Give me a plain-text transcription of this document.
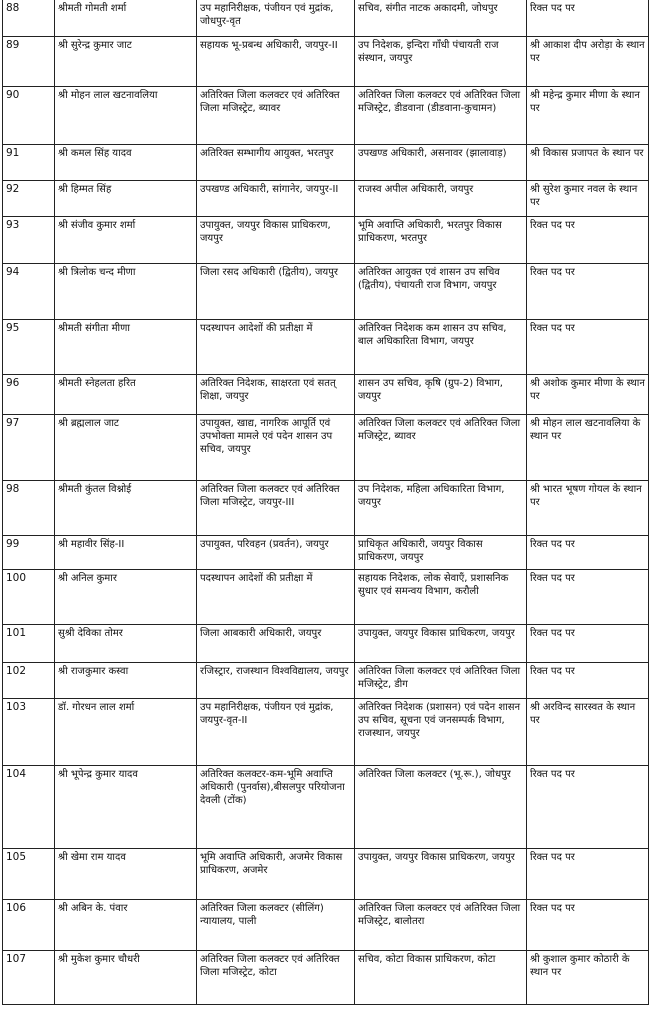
88	श्रीमती गोमती शर्मा	उप महानिरीक्षक, पंजीयन एवं मुद्रांक, जोधपुर-वृत	सचिव, संगीत नाटक अकादमी, जोधपुर	रिक्त पद पर
89	श्री सुरेन्द्र कुमार जाट	सहायक भू-प्रबन्ध अधिकारी, जयपुर-II	उप निदेशक, इन्दिरा गाँधी पंचायती राज संस्थान, जयपुर	श्री आकाश दीप अरोड़ा के स्थान पर
90	श्री मोहन लाल खटनावलिया	अतिरिक्त जिला कलक्टर एवं अतिरिक्त जिला मजिस्ट्रेट, ब्यावर	अतिरिक्त जिला कलक्टर एवं अतिरिक्त जिला मजिस्ट्रेट, डीडवाना (डीडवाना-कुचामन)	श्री महेन्द्र कुमार मीणा के स्थान पर
91	श्री कमल सिंह यादव	अतिरिक्त सम्भागीय आयुक्त, भरतपुर	उपखण्ड अधिकारी, असनावर (झालावाड़)	श्री विकास प्रजापत के स्थान पर
92	श्री हिम्मत सिंह	उपखण्ड अधिकारी, सांगानेर, जयपुर-II	राजस्व अपील अधिकारी, जयपुर	श्री सुरेश कुमार नवल के स्थान पर
93	श्री संजीव कुमार शर्मा	उपायुक्त, जयपुर विकास प्राधिकरण, जयपुर	भूमि अवाप्ति अधिकारी, भरतपुर विकास प्राधिकरण, भरतपुर	रिक्त पद पर
94	श्री त्रिलोक चन्द मीणा	जिला रसद अधिकारी (द्वितीय), जयपुर	अतिरिक्त आयुक्त एवं शासन उप सचिव (द्वितीय), पंचायती राज विभाग, जयपुर	रिक्त पद पर
95	श्रीमती संगीता मीणा	पदस्थापन आदेशों की प्रतीक्षा में	अतिरिक्त निदेशक कम शासन उप सचिव, बाल अधिकारिता विभाग, जयपुर	रिक्त पद पर
96	श्रीमती स्नेहलता हरित	अतिरिक्त निदेशक, साक्षरता एवं सतत् शिक्षा, जयपुर	शासन उप सचिव, कृषि (ग्रुप-2) विभाग, जयपुर	श्री अशोक कुमार मीणा के स्थान पर
97	श्री ब्रह्मलाल जाट	उपायुक्त, खाद्य, नागरिक आपूर्ति एवं उपभोक्ता मामले एवं पदेन शासन उप सचिव, जयपुर	अतिरिक्त जिला कलक्टर एवं अतिरिक्त जिला मजिस्ट्रेट, ब्यावर	श्री मोहन लाल खटनावलिया के स्थान पर
98	श्रीमती कुंतल विश्नोई	अतिरिक्त जिला कलक्टर एवं अतिरिक्त जिला मजिस्ट्रेट, जयपुर-III	उप निदेशक, महिला अधिकारिता विभाग, जयपुर	श्री भारत भूषण गोयल के स्थान पर
99	श्री महावीर सिंह-II	उपायुक्त, परिवहन (प्रवर्तन), जयपुर	प्राधिकृत अधिकारी, जयपुर विकास प्राधिकरण, जयपुर	रिक्त पद पर
100	श्री अनिल कुमार	पदस्थापन आदेशों की प्रतीक्षा में	सहायक निदेशक, लोक सेवाएँ, प्रशासनिक सुधार एवं समन्वय विभाग, करौली	रिक्त पद पर
101	सुश्री देविका तोमर	जिला आबकारी अधिकारी, जयपुर	उपायुक्त, जयपुर विकास प्राधिकरण, जयपुर	रिक्त पद पर
102	श्री राजकुमार कस्वा	रजिस्ट्रार, राजस्थान विश्वविद्यालय, जयपुर	अतिरिक्त जिला कलक्टर एवं अतिरिक्त जिला मजिस्ट्रेट, डीग	रिक्त पद पर
103	डॉ. गोरधन लाल शर्मा	उप महानिरीक्षक, पंजीयन एवं मुद्रांक, जयपुर-वृत-II	अतिरिक्त निदेशक (प्रशासन) एवं पदेन शासन उप सचिव, सूचना एवं जनसम्पर्क विभाग, राजस्थान, जयपुर	श्री अरविन्द सारस्वत के स्थान पर
104	श्री भूपेन्द्र कुमार यादव	अतिरिक्त कलक्टर-कम-भूमि अवाप्ति अधिकारी (पुनर्वास),बीसलपुर परियोजना देवली (टोंक)	अतिरिक्त जिला कलक्टर (भू.रू.), जोधपुर	रिक्त पद पर
105	श्री खेमा राम यादव	भूमि अवाप्ति अधिकारी, अजमेर विकास प्राधिकरण, अजमेर	उपायुक्त, जयपुर विकास प्राधिकरण, जयपुर	रिक्त पद पर
106	श्री अबिन के. पंवार	अतिरिक्त जिला कलक्टर (सीलिंग) न्यायालय, पाली	अतिरिक्त जिला कलक्टर एवं अतिरिक्त जिला मजिस्ट्रेट, बालोतरा	रिक्त पद पर
107	श्री मुकेश कुमार चौधरी	अतिरिक्त जिला कलक्टर एवं अतिरिक्त जिला मजिस्ट्रेट, कोटा	सचिव, कोटा विकास प्राधिकरण, कोटा	श्री कुशाल कुमार कोठारी के स्थान पर
